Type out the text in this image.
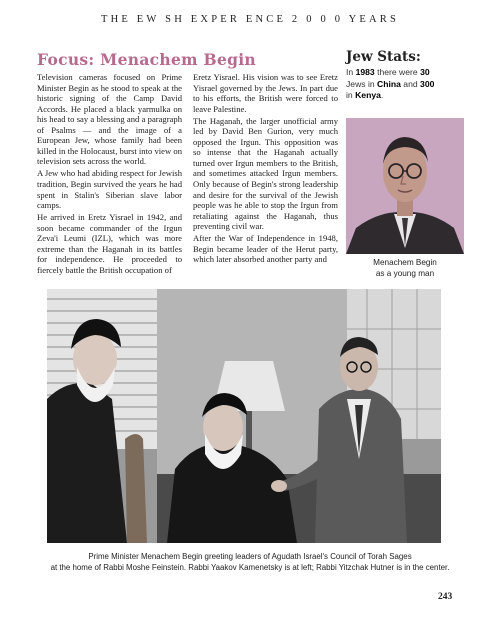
THE EW SH EXPER ENCE 2 0 0 0 YEARS
Focus: Menachem Begin

Television cameras focused on Prime Minister Begin as he stood to speak at the historic signing of the Camp David Accords. He placed a black yarmulka on his head to say a blessing and a paragraph of Psalms — and the image of a European Jew, whose family had been killed in the Holocaust, burst into view on television sets across the world.

A Jew who had abiding respect for Jewish tradition, Begin survived the years he had spent in Stalin's Siberian slave labor camps.

He arrived in Eretz Yisrael in 1942, and soon became commander of the Irgun Zeva'i Leumi (IZL), which was more extreme than the Haganah in its battles for independence. He proceeded to fiercely battle the British occupation of

Eretz Yisrael. His vision was to see Eretz Yisrael governed by the Jews. In part due to his efforts, the British were forced to leave Palestine.

The Haganah, the larger unofficial army led by David Ben Gurion, very much opposed the Irgun. This opposition was so intense that the Haganah actually turned over Irgun members to the British, and sometimes attacked Irgun members. Only because of Begin's strong leadership and desire for the survival of the Jewish people was he able to stop the Irgun from retaliating against the Haganah, thus preventing civil war.

After the War of Independence in 1948, Begin became leader of the Herut party, which later absorbed another party and

Jew Stats:
In 1983 there were 30
Jews in China and 300
in Kenya.
Menachem Begin
as a young man
Prime Minister Menachem Begin greeting leaders of Agudath Israel's Council of Torah Sages
at the home of Rabbi Moshe Feinstein. Rabbi Yaakov Kamenetsky is at left; Rabbi Yitzchak Hutner is in the center.
243
